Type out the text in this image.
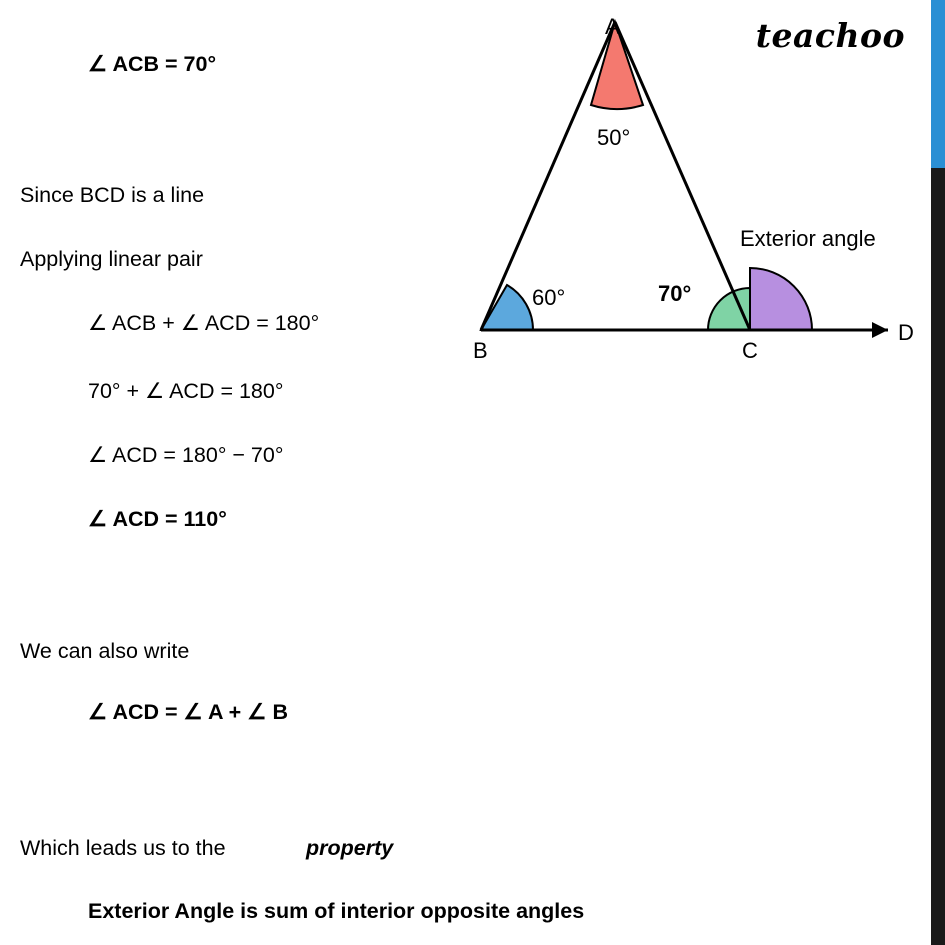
teachoo
∠ ACB = 70°
Since BCD is a line
Applying linear pair
∠ ACB + ∠ ACD = 180°
70° + ∠ ACD = 180°
∠ ACD = 180° − 70°
∠ ACD = 110°
We can also write
∠ ACD = ∠ A + ∠ B
Which leads us to the	property
Exterior Angle is sum of interior opposite angles
A
B	C
D
50°
60°	70°
Exterior angle
